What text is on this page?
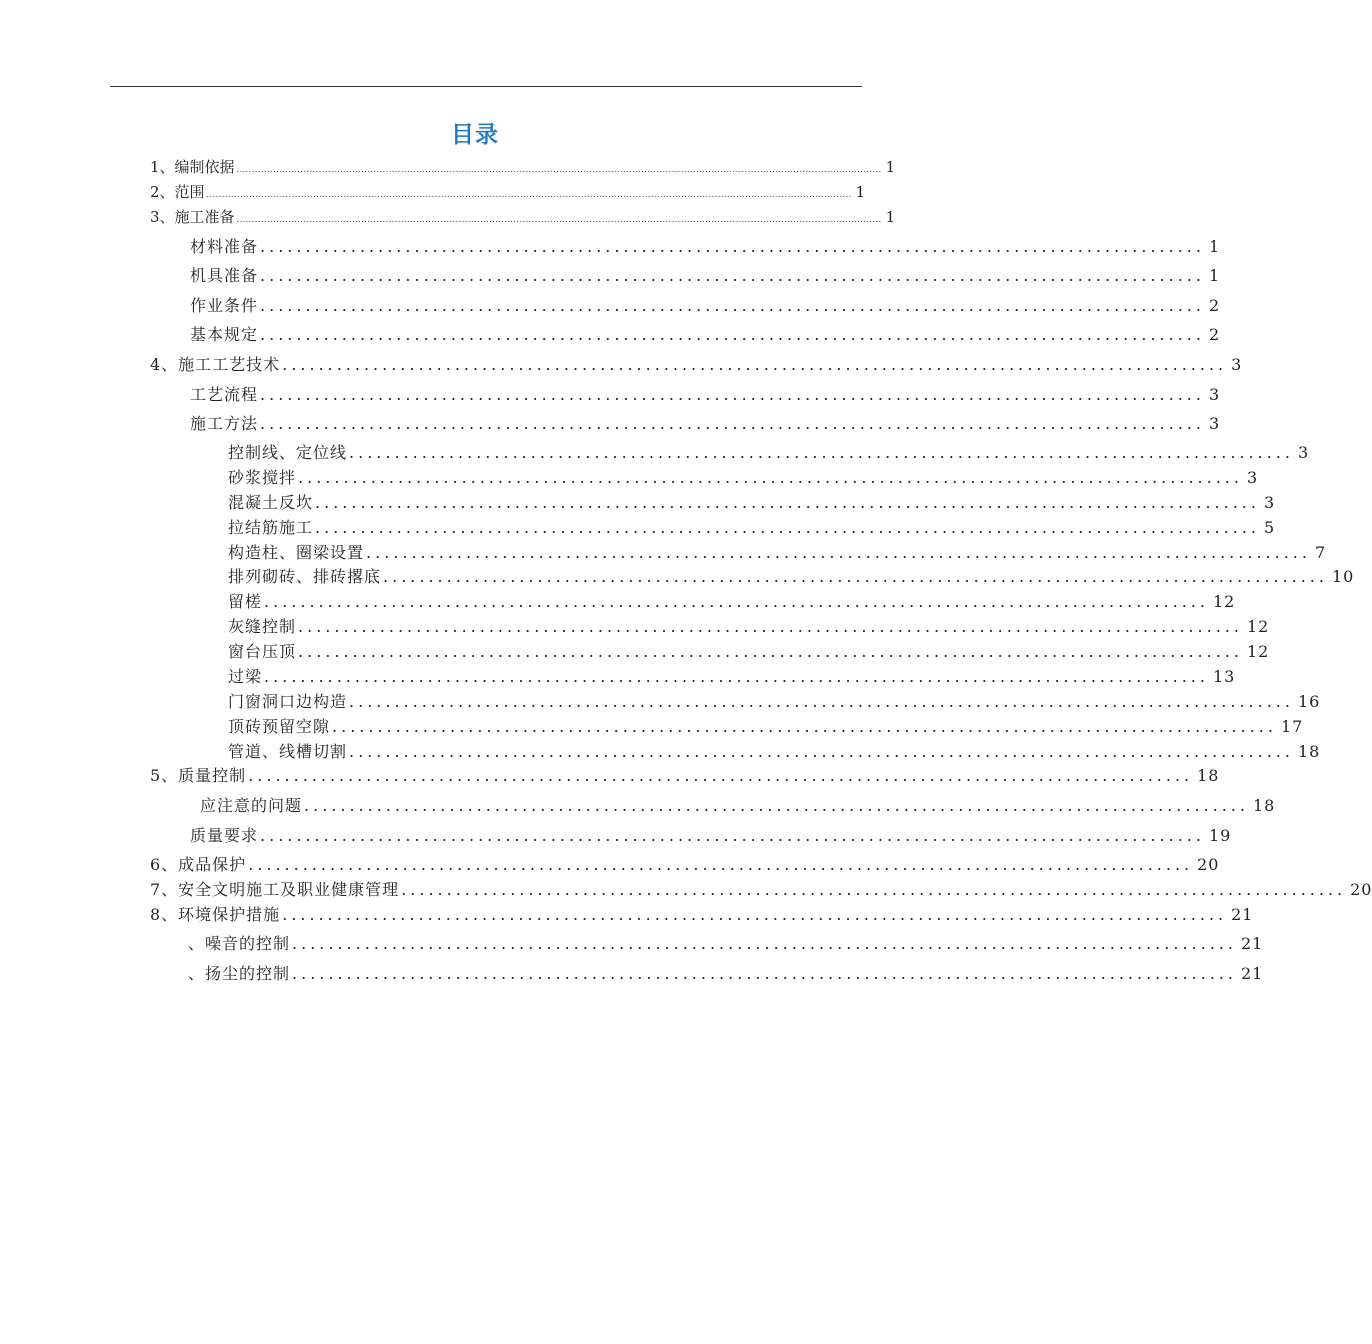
目录
1、编制依据 .................................................................................................................................................................................................................... 1
2、范围 .................................................................................................................................................................................................................... 1
3、施工准备 .................................................................................................................................................................................................................... 1
材料准备 ........................................................................................................ 1
机具准备 ........................................................................................................ 1
作业条件 ........................................................................................................ 2
基本规定 ........................................................................................................ 2
4、施工工艺技术 ........................................................................................................ 3
工艺流程 ........................................................................................................ 3
施工方法 ........................................................................................................ 3
控制线、定位线 ........................................................................................................ 3
砂浆搅拌 ........................................................................................................ 3
混凝土反坎 ........................................................................................................ 3
拉结筋施工 ........................................................................................................ 5
构造柱、圈梁设置 ........................................................................................................ 7
排列砌砖、排砖撂底 ........................................................................................................ 10
留槎 ........................................................................................................ 12
灰缝控制 ........................................................................................................ 12
窗台压顶 ........................................................................................................ 12
过梁 ........................................................................................................ 13
门窗洞口边构造 ........................................................................................................ 16
顶砖预留空隙 ........................................................................................................ 17
管道、线槽切割 ........................................................................................................ 18
5、质量控制 ........................................................................................................ 18
应注意的问题 ........................................................................................................ 18
质量要求 ........................................................................................................ 19
6、成品保护 ........................................................................................................ 20
7、安全文明施工及职业健康管理 ........................................................................................................ 20
8、环境保护措施 ........................................................................................................ 21
、噪音的控制 ........................................................................................................ 21
、扬尘的控制 ........................................................................................................ 21
